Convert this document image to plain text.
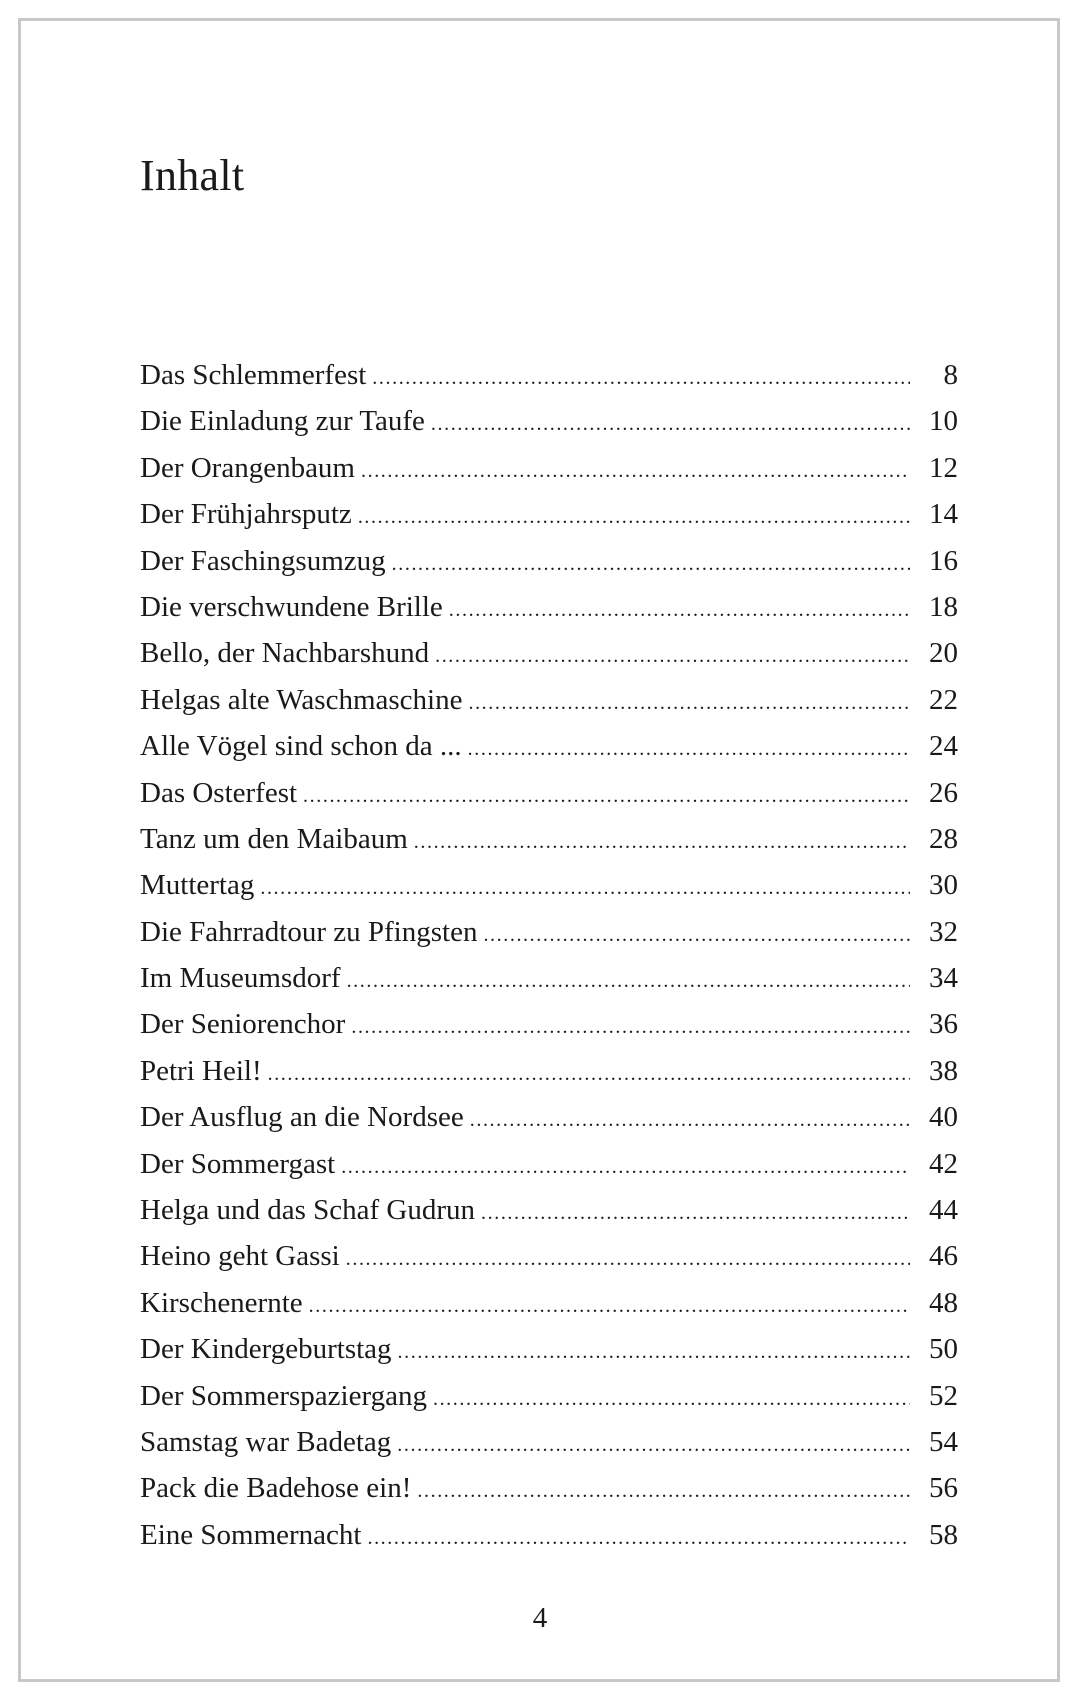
Inhalt
Das Schlemmerfest .....	8
Die Einladung zur Taufe .....	10
Der Orangenbaum .....	12
Der Frühjahrsputz .....	14
Der Faschingsumzug .....	16
Die verschwundene Brille .....	18
Bello, der Nachbarshund .....	20
Helgas alte Waschmaschine .....	22
Alle Vögel sind schon da ... .....	24
Das Osterfest .....	26
Tanz um den Maibaum .....	28
Muttertag .....	30
Die Fahrradtour zu Pfingsten .....	32
Im Museumsdorf .....	34
Der Seniorenchor .....	36
Petri Heil! .....	38
Der Ausflug an die Nordsee .....	40
Der Sommergast .....	42
Helga und das Schaf Gudrun .....	44
Heino geht Gassi .....	46
Kirschenernte .....	48
Der Kindergeburtstag .....	50
Der Sommerspaziergang .....	52
Samstag war Badetag .....	54
Pack die Badehose ein! .....	56
Eine Sommernacht .....	58
4
